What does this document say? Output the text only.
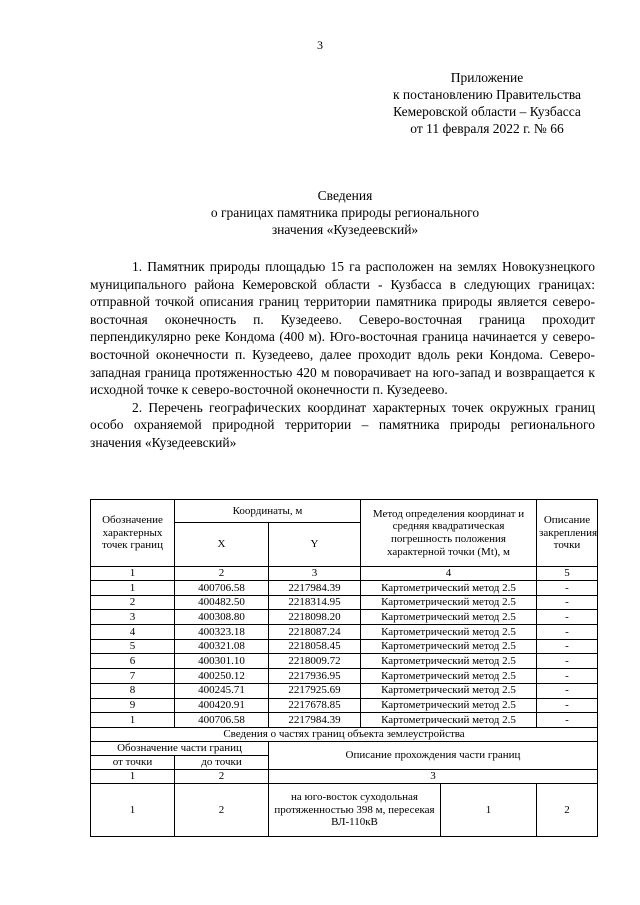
3
Приложение
к постановлению Правительства
Кемеровской области – Кузбасса
от 11 февраля 2022 г. № 66
Сведения
о границах памятника природы регионального
значения «Кузедеевский»

1. Памятник природы площадью 15 га расположен на землях Новокузнецкого муниципального района Кемеровской области - Кузбасса в следующих границах: отправной точкой описания границ территории памятника природы является северо-восточная оконечность п. Кузедеево. Северо-восточная граница проходит перпендикулярно реке Кондома (400 м). Юго-восточная граница начинается у северо-восточной оконечности п. Кузедеево, далее проходит вдоль реки Кондома. Северо-западная граница протяженностью 420 м поворачивает на юго-запад и возвращается к исходной точке к северо-восточной оконечности п. Кузедеево.

2. Перечень географических координат характерных точек окружных границ особо охраняемой природной территории – памятника природы регионального значения «Кузедеевский»

Обозначение характерных точек границ	Координаты, м		Метод определения координат и средняя квадратическая погрешность положения характерной точки (Mt), м		Описание закрепления точки
	X	Y			
1	2	3	4		5
1	400706.58	2217984.39	Картометрический метод 2.5		-
2	400482.50	2218314.95	Картометрический метод 2.5		-
3	400308.80	2218098.20	Картометрический метод 2.5		-
4	400323.18	2218087.24	Картометрический метод 2.5		-
5	400321.08	2218058.45	Картометрический метод 2.5		-
6	400301.10	2218009.72	Картометрический метод 2.5		-
7	400250.12	2217936.95	Картометрический метод 2.5		-
8	400245.71	2217925.69	Картометрический метод 2.5		-
9	400420.91	2217678.85	Картометрический метод 2.5		-
1	400706.58	2217984.39	Картометрический метод 2.5		-
Сведения о частях границ объекта землеустройства					
Обозначение части границ		Описание прохождения части границ			
от точки	до точки				
1	2	3			
1	2	на юго-восток суходольная протяженностью 398 м, пересекая ВЛ-110кВ		1	2
